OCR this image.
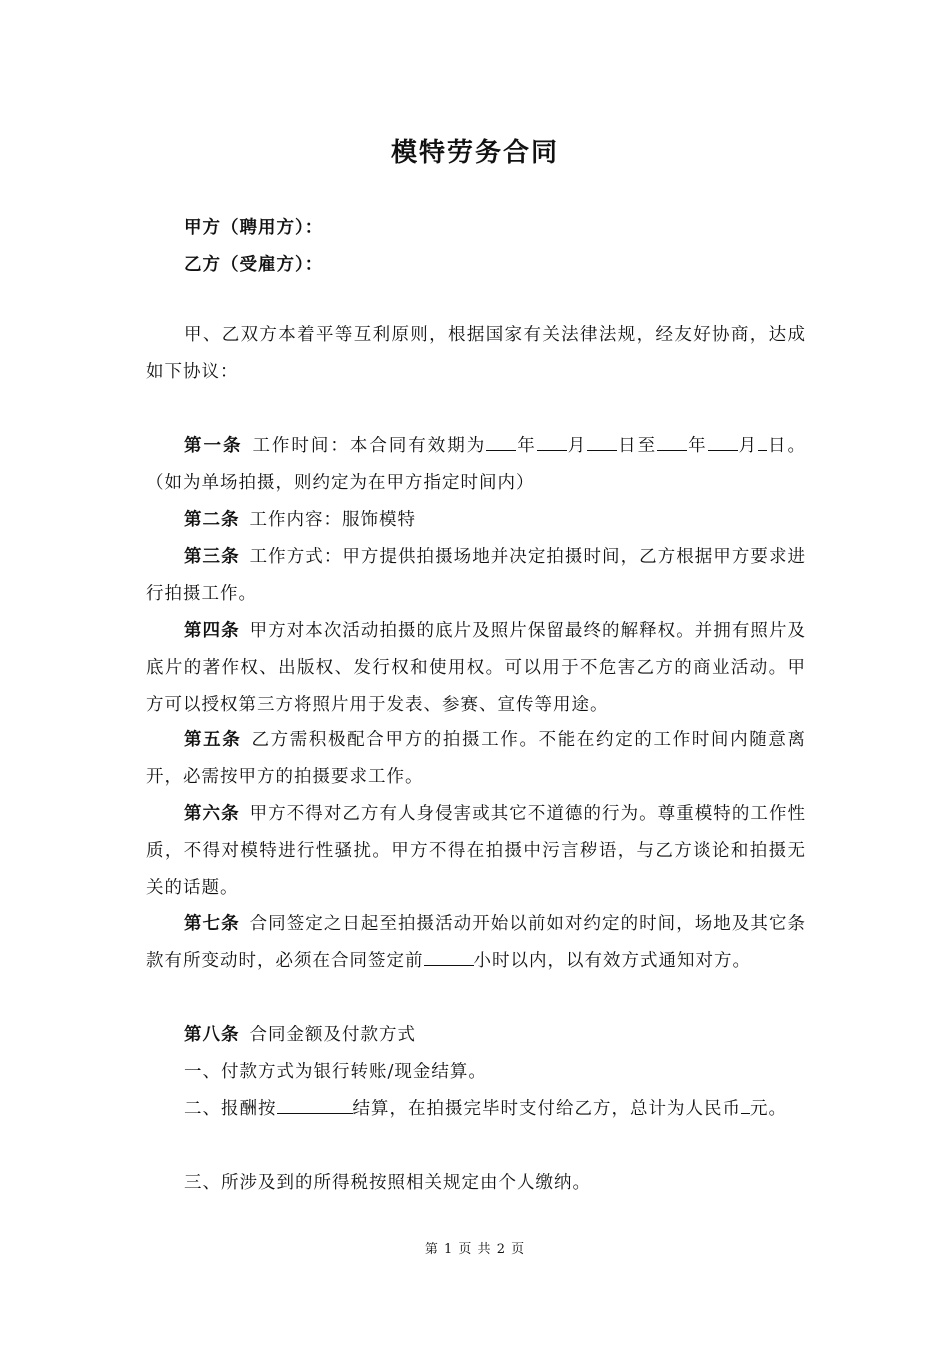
模特劳务合同
甲方（聘用方）：
乙方（受雇方）：
甲、乙双方本着平等互利原则，根据国家有关法律法规，经友好协商，达成如下协议：
第一条 工作时间：本合同有效期为 年 月 日至 年 月 日。（如为单场拍摄，则约定为在甲方指定时间内）
第二条 工作内容：服饰模特
第三条 工作方式：甲方提供拍摄场地并决定拍摄时间，乙方根据甲方要求进行拍摄工作。
第四条 甲方对本次活动拍摄的底片及照片保留最终的解释权。并拥有照片及底片的著作权、出版权、发行权和使用权。可以用于不危害乙方的商业活动。甲方可以授权第三方将照片用于发表、参赛、宣传等用途。
第五条 乙方需积极配合甲方的拍摄工作。不能在约定的工作时间内随意离开，必需按甲方的拍摄要求工作。
第六条 甲方不得对乙方有人身侵害或其它不道德的行为。尊重模特的工作性质，不得对模特进行性骚扰。甲方不得在拍摄中污言秽语，与乙方谈论和拍摄无关的话题。
第七条 合同签定之日起至拍摄活动开始以前如对约定的时间，场地及其它条款有所变动时，必须在合同签定前	小时以内，以有效方式通知对方。
第八条 合同金额及付款方式
一、付款方式为银行转账/现金结算。
二、报酬按	结算，在拍摄完毕时支付给乙方，总计为人民币 元。
三、所涉及到的所得税按照相关规定由个人缴纳。
第 1 页 共 2 页
